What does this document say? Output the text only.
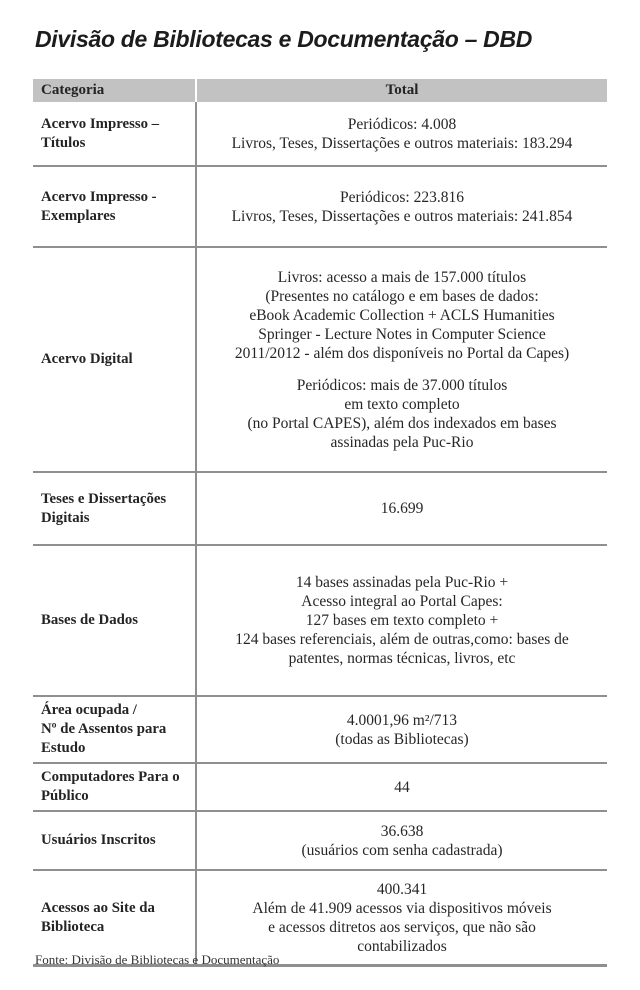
Divisão de Bibliotecas e Documentação – DBD
Categoria	Total
Acervo Impresso – Títulos
Periódicos: 4.008
Livros, Teses, Dissertações e outros materiais: 183.294
Acervo Impresso - Exemplares
Periódicos: 223.816
Livros, Teses, Dissertações e outros materiais: 241.854
Acervo Digital
Livros: acesso a mais de 157.000 títulos
(Presentes no catálogo e em bases de dados:
eBook Academic Collection + ACLS Humanities
Springer - Lecture Notes in Computer Science
2011/2012 - além dos disponíveis no Portal da Capes)
Periódicos: mais de 37.000 títulos
em texto completo
(no Portal CAPES), além dos indexados em bases
assinadas pela Puc-Rio
Teses e Dissertações Digitais
16.699
Bases de Dados
14 bases assinadas pela Puc-Rio +
Acesso integral ao Portal Capes:
127 bases em texto completo +
124 bases referenciais, além de outras,como: bases de
patentes, normas técnicas, livros, etc
Área ocupada /
Nº de Assentos para Estudo
4.0001,96 m²/713
(todas as Bibliotecas)
Computadores Para o Público
44
Usuários Inscritos
36.638
(usuários com senha cadastrada)
Acessos ao Site da Biblioteca
400.341
Além de 41.909 acessos via dispositivos móveis
e acessos ditretos aos serviços, que não são
contabilizados
Fonte: Divisão de Bibliotecas e Documentação
